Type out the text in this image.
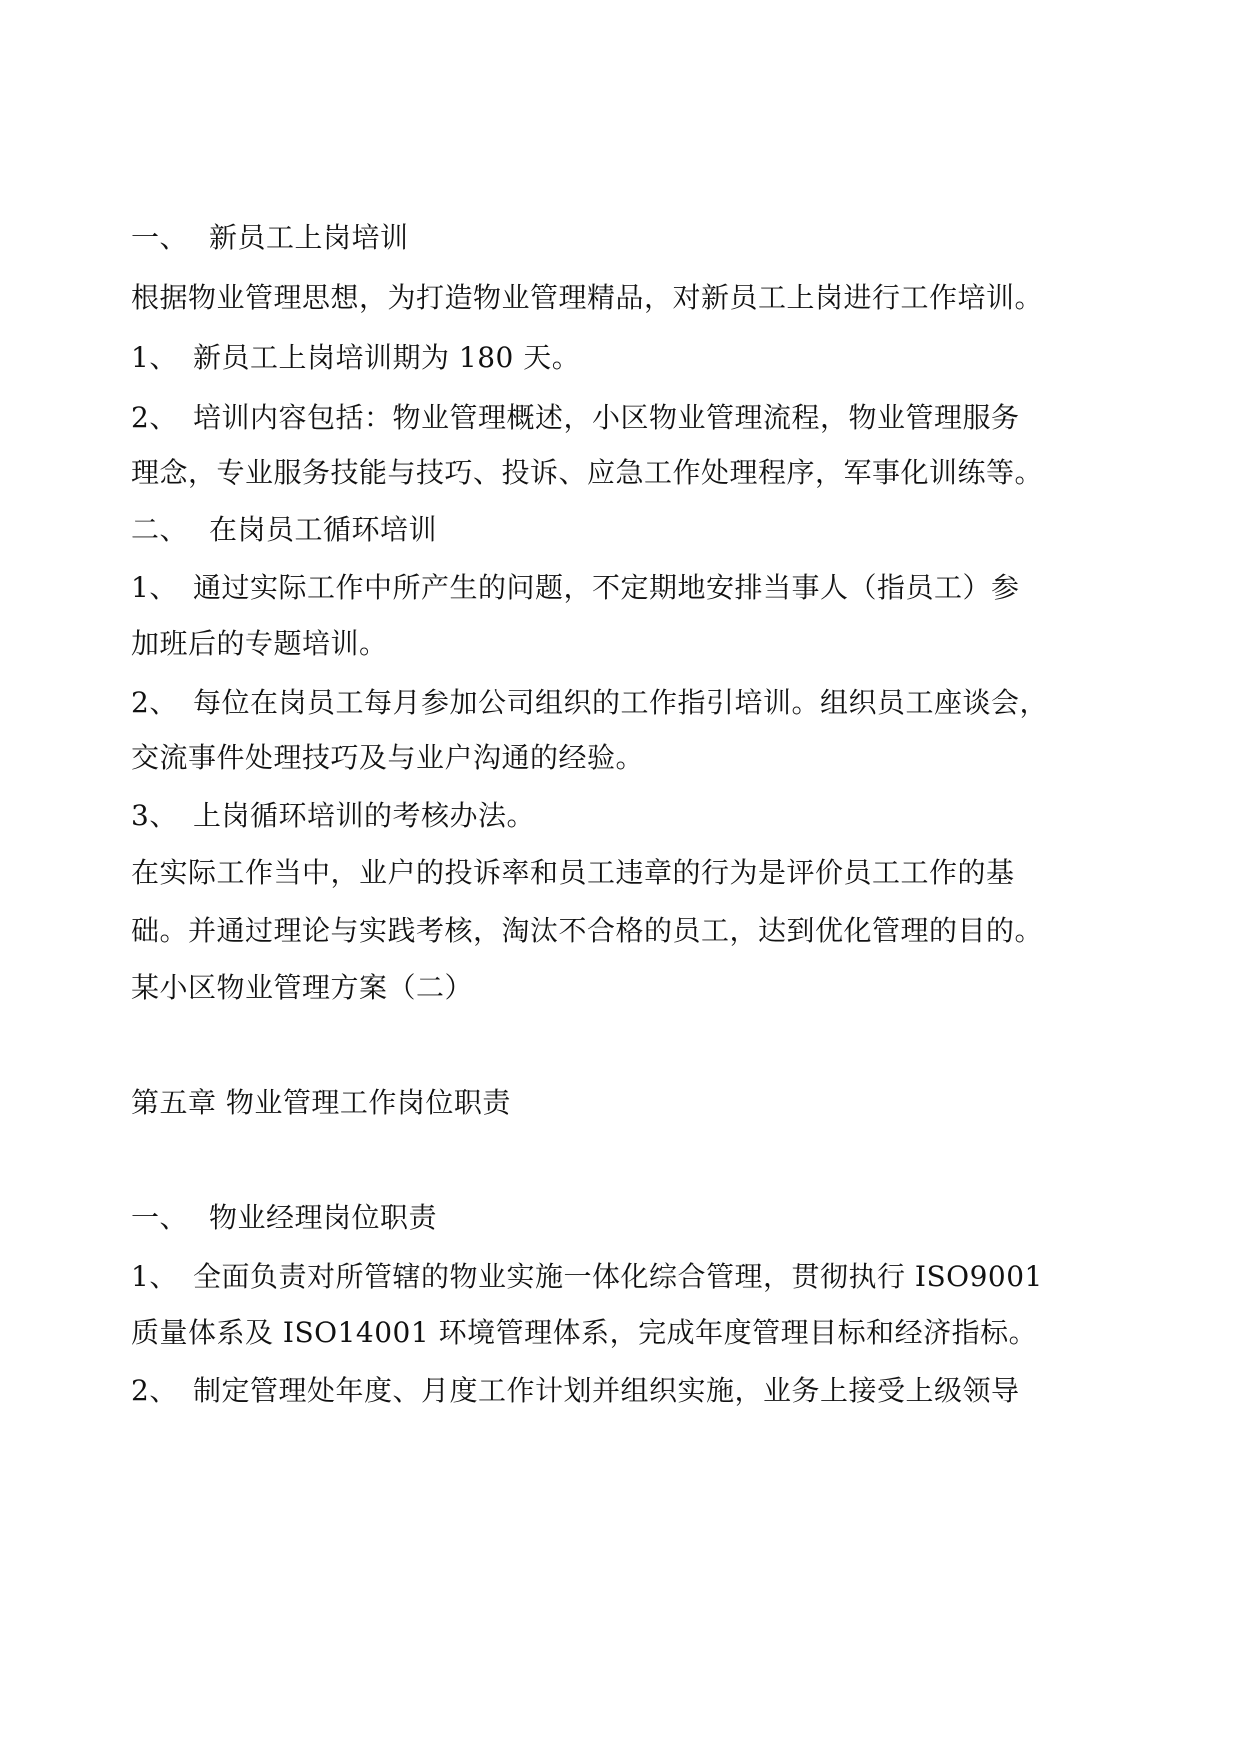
一、 新员工上岗培训
根据物业管理思想，为打造物业管理精品，对新员工上岗进行工作培训。
1、 新员工上岗培训期为 180 天。
2、 培训内容包括：物业管理概述，小区物业管理流程，物业管理服务
理念，专业服务技能与技巧、投诉、应急工作处理程序，军事化训练等。
二、 在岗员工循环培训
1、 通过实际工作中所产生的问题，不定期地安排当事人（指员工）参
加班后的专题培训。
2、 每位在岗员工每月参加公司组织的工作指引培训。组织员工座谈会，
交流事件处理技巧及与业户沟通的经验。
3、 上岗循环培训的考核办法。
在实际工作当中，业户的投诉率和员工违章的行为是评价员工工作的基
础。并通过理论与实践考核，淘汰不合格的员工，达到优化管理的目的。
某小区物业管理方案（二）
第五章 物业管理工作岗位职责
一、 物业经理岗位职责
1、 全面负责对所管辖的物业实施一体化综合管理，贯彻执行 ISO9001
质量体系及 ISO14001 环境管理体系，完成年度管理目标和经济指标。
2、 制定管理处年度、月度工作计划并组织实施，业务上接受上级领导
